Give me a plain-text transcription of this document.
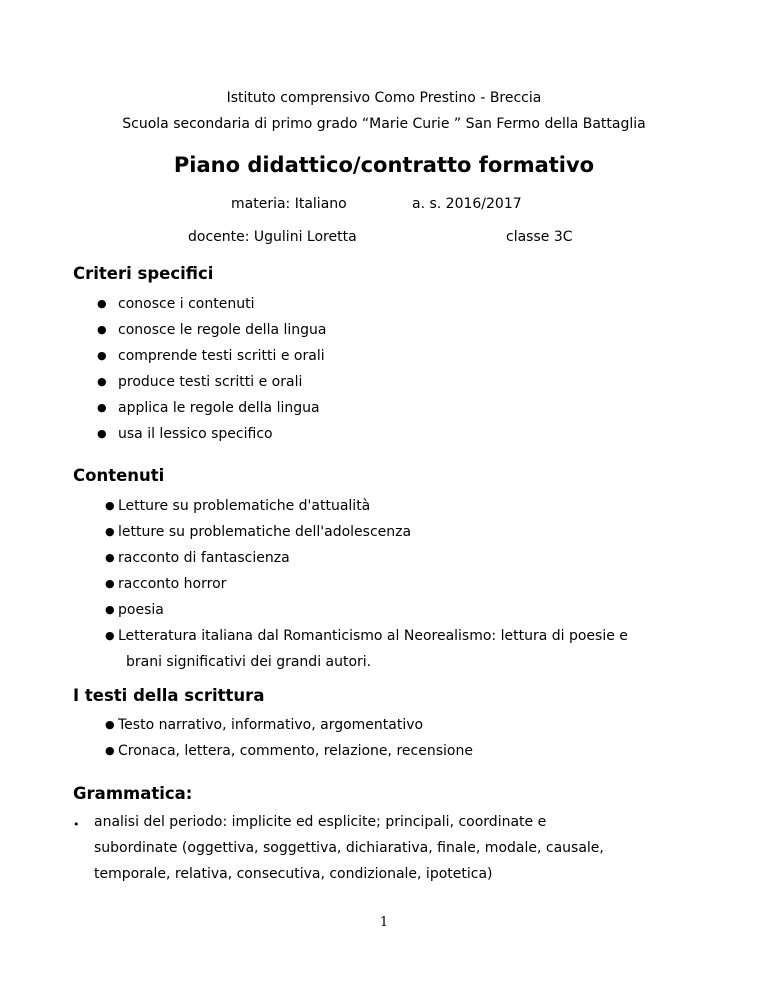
Istituto comprensivo Como Prestino - Breccia
Scuola secondaria di primo grado “Marie Curie ” San Fermo della Battaglia
Piano didattico/contratto formativo
materia: Italiano	a. s. 2016/2017
docente: Ugulini Loretta	classe 3C
Criteri specifici
● conosce i contenuti
● conosce le regole della lingua
● comprende testi scritti e orali
● produce testi scritti e orali
● applica le regole della lingua
● usa il lessico specifico
Contenuti
● Letture su problematiche d'attualità
● letture su problematiche dell'adolescenza
● racconto di fantascienza
● racconto horror
● poesia
● Letteratura italiana dal Romanticismo al Neorealismo: lettura di poesie e
brani significativi dei grandi autori.
I testi della scrittura
● Testo narrativo, informativo, argomentativo
● Cronaca, lettera, commento, relazione, recensione
Grammatica:
• analisi del periodo: implicite ed esplicite; principali, coordinate e
subordinate (oggettiva, soggettiva, dichiarativa, finale, modale, causale,
temporale, relativa, consecutiva, condizionale, ipotetica)
1
